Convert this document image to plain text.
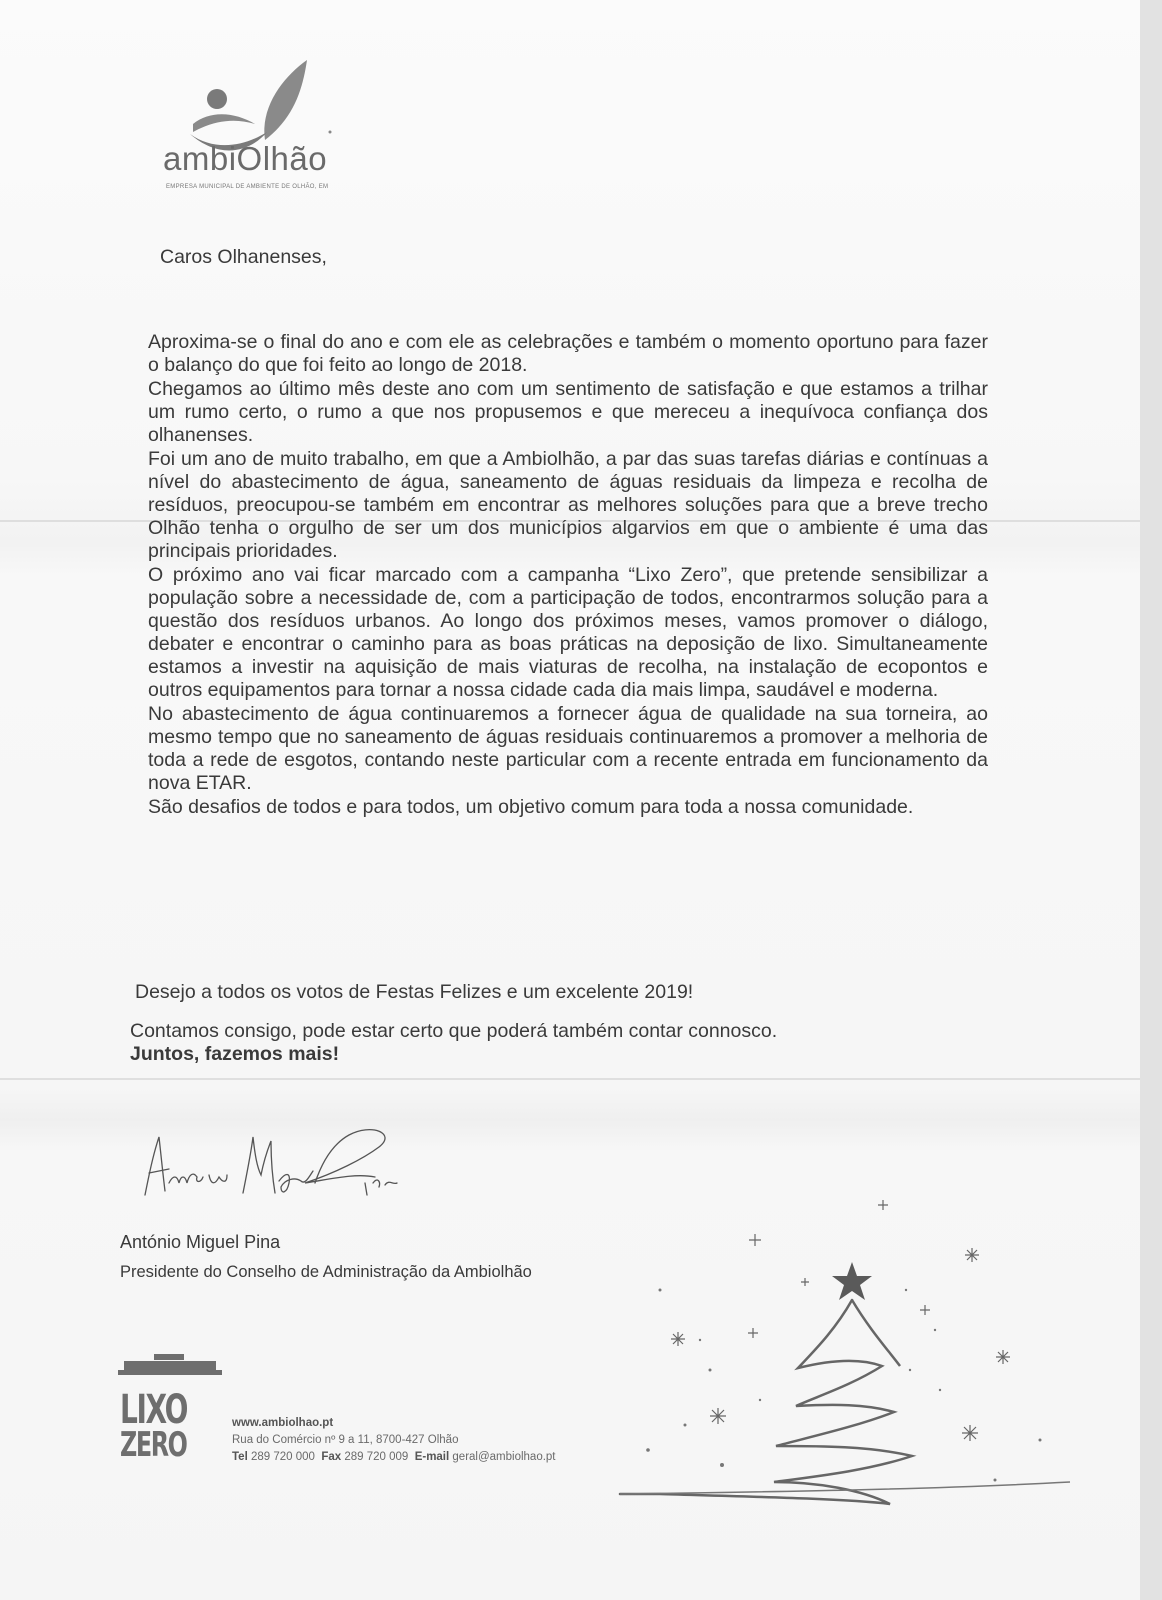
ambiOlhão
EMPRESA MUNICIPAL DE AMBIENTE DE OLHÃO, EM
Caros Olhanenses,

Aproxima-se o final do ano e com ele as celebrações e também o momento oportuno para fazer o balanço do que foi feito ao longo de 2018.

Chegamos ao último mês deste ano com um sentimento de satisfação e que estamos a trilhar um rumo certo, o rumo a que nos propusemos e que mereceu a inequívoca confiança dos olhanenses.

Foi um ano de muito trabalho, em que a Ambiolhão, a par das suas tarefas diárias e contínuas a nível do abastecimento de água, saneamento de águas residuais da limpeza e recolha de resíduos, preocupou-se também em encontrar as melhores soluções para que a breve trecho Olhão tenha o orgulho de ser um dos municípios algarvios em que o ambiente é uma das principais prioridades.

O próximo ano vai ficar marcado com a campanha “Lixo Zero”, que pretende sensibilizar a população sobre a necessidade de, com a participação de todos, encontrarmos solução para a questão dos resíduos urbanos. Ao longo dos próximos meses, vamos promover o diálogo, debater e encontrar o caminho para as boas práticas na deposição de lixo. Simultaneamente estamos a investir na aquisição de mais viaturas de recolha, na instalação de ecopontos e outros equipamentos para tornar a nossa cidade cada dia mais limpa, saudável e moderna.

No abastecimento de água continuaremos a fornecer água de qualidade na sua torneira, ao mesmo tempo que no saneamento de águas residuais continuaremos a promover a melhoria de toda a rede de esgotos, contando neste particular com a recente entrada em funcionamento da nova ETAR.

São desafios de todos e para todos, um objetivo comum para toda a nossa comunidade.

Desejo a todos os votos de Festas Felizes e um excelente 2019!
Contamos consigo, pode estar certo que poderá também contar connosco.
Juntos, fazemos mais!
António Miguel Pina
Presidente do Conselho de Administração da Ambiolhão
LIXO
ZERO
www.ambiolhao.pt
Rua do Comércio nº 9 a 11, 8700-427 Olhão
Tel 289 720 000 Fax 289 720 009 E-mail geral@ambiolhao.pt
